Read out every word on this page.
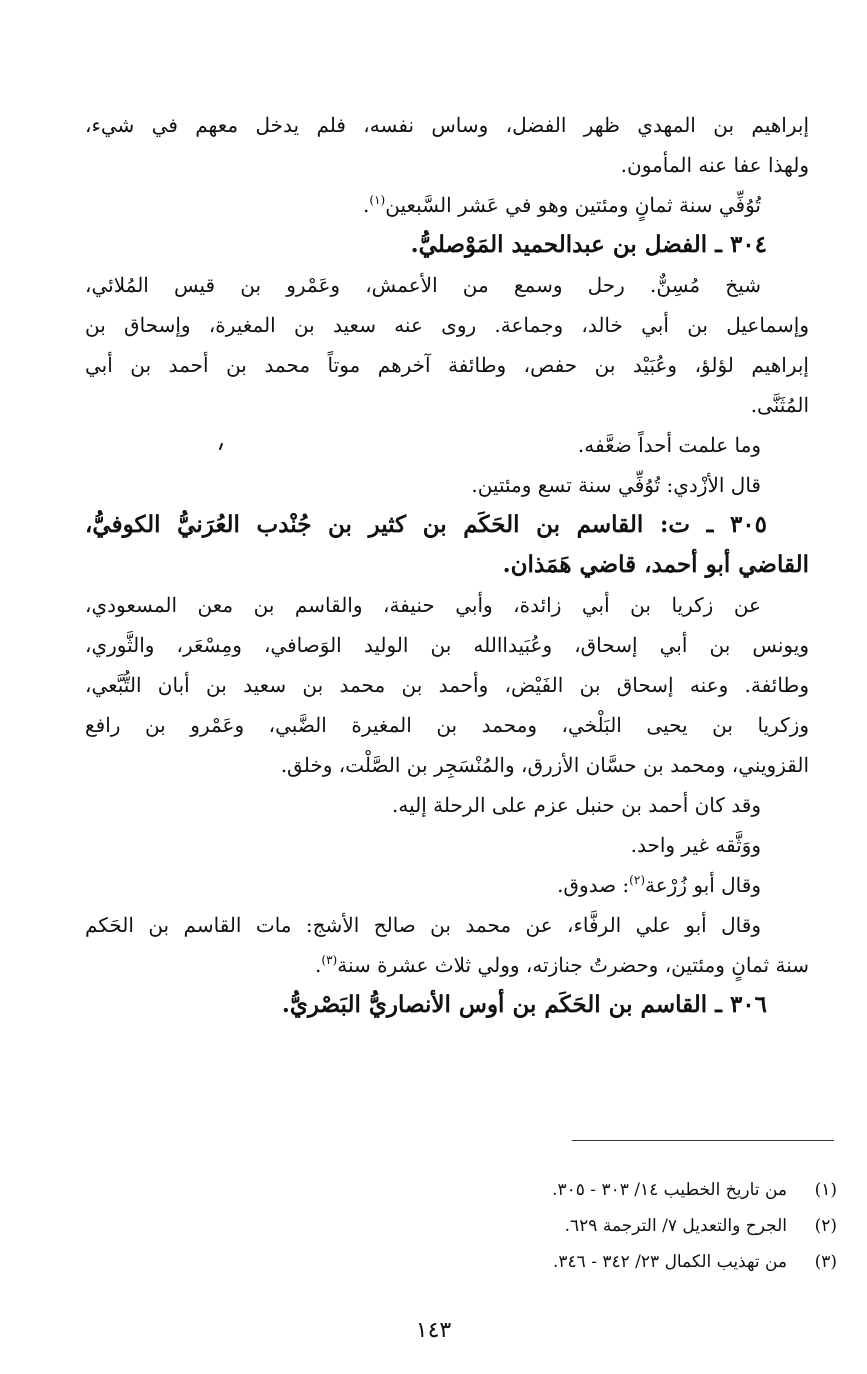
إبراهيم بن المهدي ظهر الفضل، وساس نفسه، فلم يدخل معهم في شيء،
ولهذا عفا عنه المأمون.
تُوُفِّي سنة ثمانٍ ومئتين وهو في عَشر السَّبعين$^{(١)}$.
٣٠٤ ـ الفضل بن عبدالحميد المَوْصليُّ.
شيخ مُسِنٌّ. رحل وسمع من الأعمش، وعَمْرو بن قيس المُلائي،
وإسماعيل بن أبي خالد، وجماعة. روى عنه سعيد بن المغيرة، وإسحاق بن
إبراهيم لؤلؤ، وعُبَيْد بن حفص، وطائفة آخرهم موتاً محمد بن أحمد بن أبي
المُثَنَّى.
وما علمت أحداً ضعَّفه.
قال الأزْدي: تُوُفِّي سنة تسع ومئتين.
٣٠٥ ـ ت: القاسم بن الحَكَم بن كثير بن جُنْدب العُرَنيُّ الكوفيُّ،
القاضي أبو أحمد، قاضي هَمَذان.
عن زكريا بن أبي زائدة، وأبي حنيفة، والقاسم بن معن المسعودي،
ويونس بن أبي إسحاق، وعُبَيداالله بن الوليد الوَصافي، ومِسْعَر، والثَّوري،
وطائفة. وعنه إسحاق بن الفَيْض، وأحمد بن محمد بن سعيد بن أبان التُّبَّعي،
وزكريا بن يحيى البَلْخي، ومحمد بن المغيرة الضَّبي، وعَمْرو بن رافع
القزويني، ومحمد بن حسَّان الأزرق، والمُنْسَجِر بن الصَّلْت، وخلق.
وقد كان أحمد بن حنبل عزم على الرحلة إليه.
ووَثَّقه غير واحد.
وقال أبو زُرْعة$^{(٢)}$: صدوق.
وقال أبو علي الرفَّاء، عن محمد بن صالح الأشج: مات القاسم بن الحَكم
سنة ثمانٍ ومئتين، وحضرتُ جنازته، وولي ثلاث عشرة سنة$^{(٣)}$.
٣٠٦ ـ القاسم بن الحَكَم بن أوس الأنصاريُّ البَصْريُّ.
(١)من تاريخ الخطيب ١٤/ ٣٠٣ - ٣٠٥.
(٢)الجرح والتعديل ٧/ الترجمة ٦٢٩.
(٣)من تهذيب الكمال ٢٣/ ٣٤٢ - ٣٤٦.
١٤٣
